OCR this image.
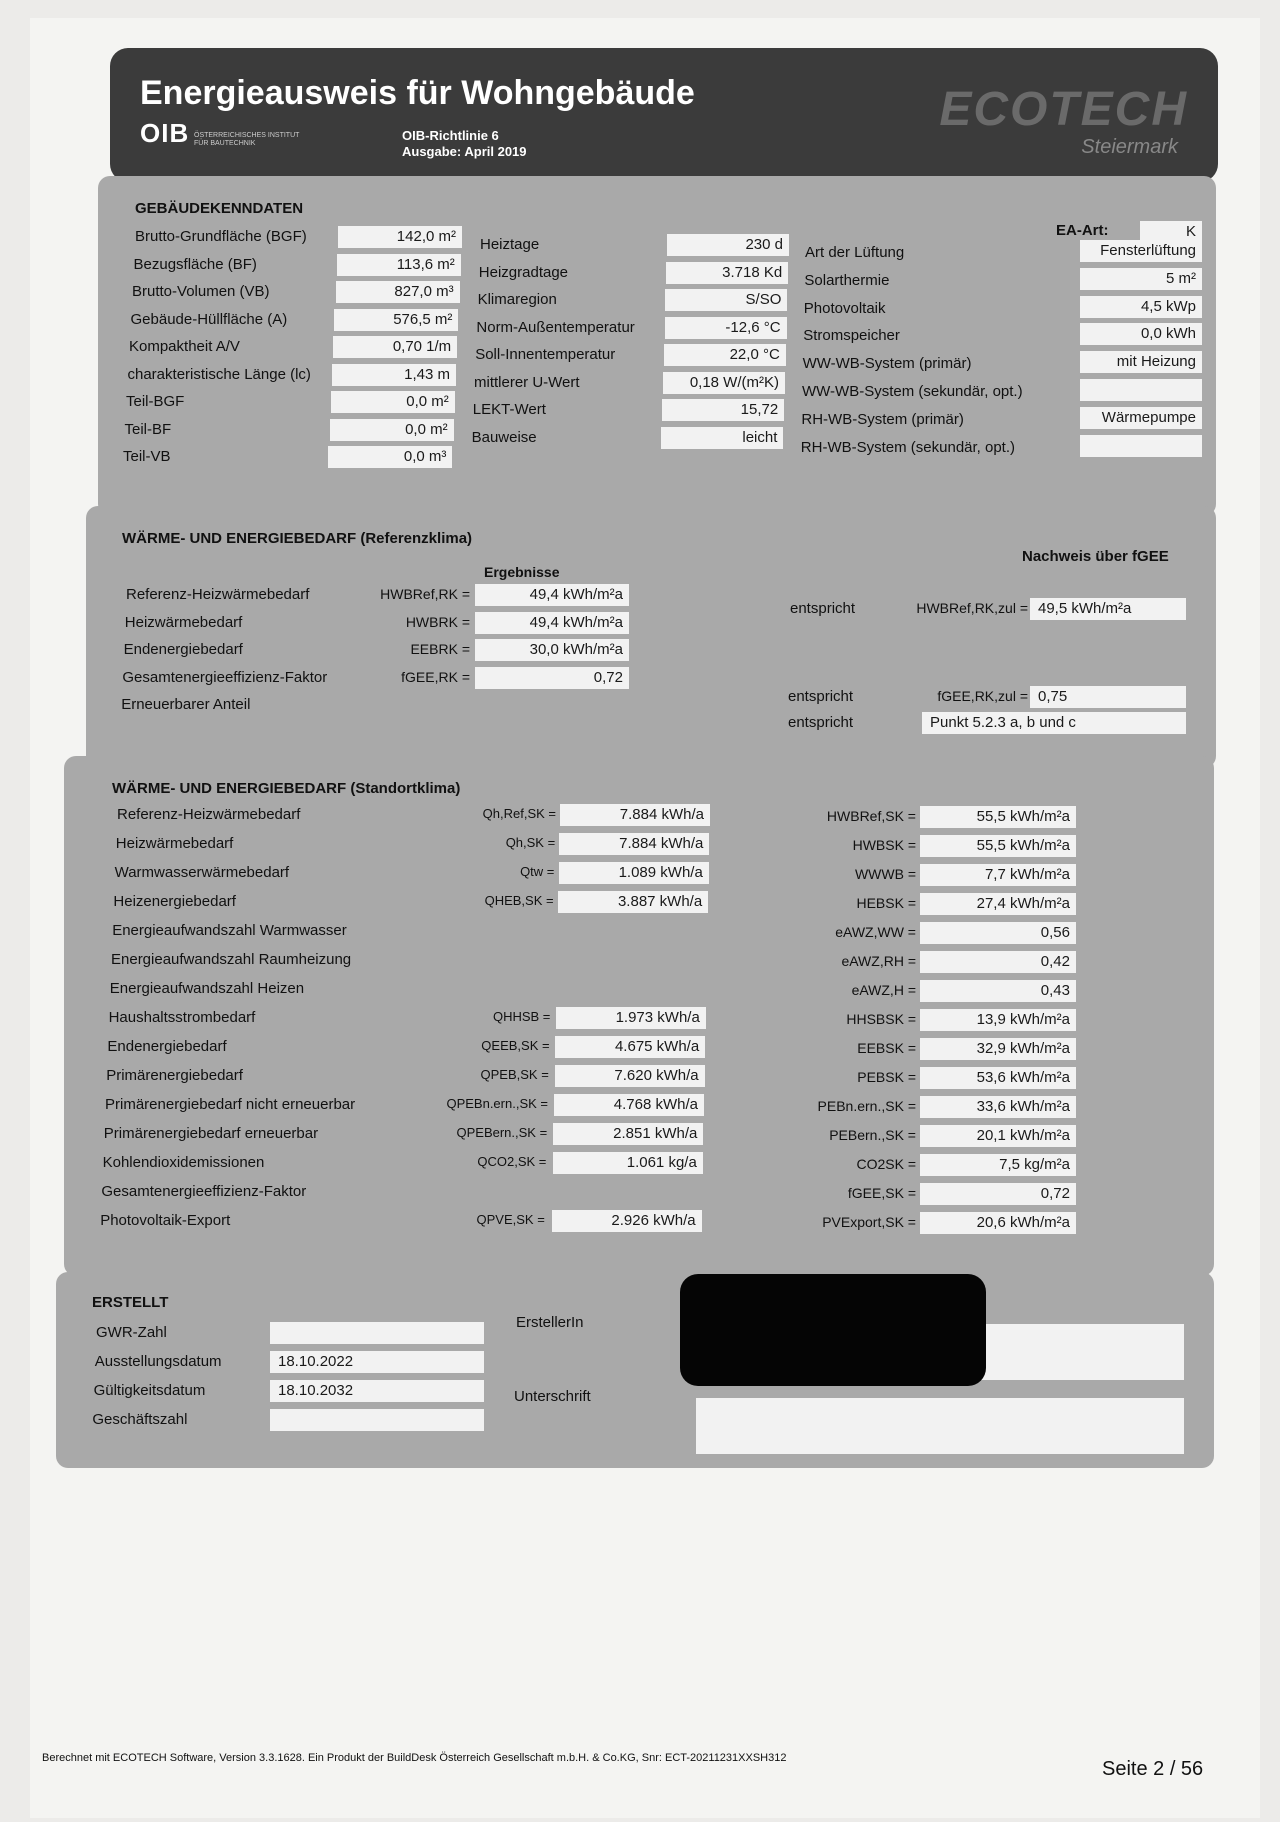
Energieausweis für Wohngebäude
OIB ÖSTERREICHISCHES INSTITUT FÜR BAUTECHNIK
OIB-Richtlinie 6
Ausgabe: April 2019
ECOTECH
Steiermark
GEBÄUDEKENNDATEN
EA-Art:	K
Brutto-Grundfläche (BGF)	142,0 m²
Bezugsfläche (BF)	113,6 m²
Brutto-Volumen (VB)	827,0 m³
Gebäude-Hüllfläche (A)	576,5 m²
Kompaktheit A/V	0,70 1/m
charakteristische Länge (lc)	1,43 m
Teil-BGF	0,0 m²
Teil-BF	0,0 m²
Teil-VB	0,0 m³
Heiztage	230 d
Heizgradtage	3.718 Kd
Klimaregion	S/SO
Norm-Außentemperatur	-12,6 °C
Soll-Innentemperatur	22,0 °C
mittlerer U-Wert	0,18 W/(m²K)
LEKT-Wert	15,72
Bauweise	leicht
Art der Lüftung	Fensterlüftung
Solarthermie	5 m²
Photovoltaik	4,5 kWp
Stromspeicher	0,0 kWh
WW-WB-System (primär)	mit Heizung
WW-WB-System (sekundär, opt.)
RH-WB-System (primär)	Wärmepumpe
RH-WB-System (sekundär, opt.)
WÄRME- UND ENERGIEBEDARF (Referenzklima)
Nachweis über fGEE
Ergebnisse
Referenz-Heizwärmebedarf	HWBRef,RK =	49,4 kWh/m²a
Heizwärmebedarf	HWBRK =	49,4 kWh/m²a
Endenergiebedarf	EEBRK =	30,0 kWh/m²a
Gesamtenergieeffizienz-Faktor	fGEE,RK =	0,72
Erneuerbarer Anteil
entspricht	HWBRef,RK,zul = 49,5 kWh/m²a
entspricht	fGEE,RK,zul = 0,75
entspricht	Punkt 5.2.3 a, b und c
WÄRME- UND ENERGIEBEDARF (Standortklima)
Referenz-Heizwärmebedarf	Qh,Ref,SK =	7.884 kWh/a	HWBRef,SK =	55,5 kWh/m²a
Heizwärmebedarf	Qh,SK =	7.884 kWh/a	HWBSK =	55,5 kWh/m²a
Warmwasserwärmebedarf	Qtw =	1.089 kWh/a	WWWB =	7,7 kWh/m²a
Heizenergiebedarf	QHEB,SK =	3.887 kWh/a	HEBSK =	27,4 kWh/m²a
Energieaufwandszahl Warmwasser	eAWZ,WW =	0,56
Energieaufwandszahl Raumheizung	eAWZ,RH =	0,42
Energieaufwandszahl Heizen	eAWZ,H =	0,43
Haushaltsstrombedarf	QHHSB =	1.973 kWh/a	HHSBSK =	13,9 kWh/m²a
Endenergiebedarf	QEEB,SK =	4.675 kWh/a	EEBSK =	32,9 kWh/m²a
Primärenergiebedarf	QPEB,SK =	7.620 kWh/a	PEBSK =	53,6 kWh/m²a
Primärenergiebedarf nicht erneuerbar	QPEBn.ern.,SK =	4.768 kWh/a	PEBn.ern.,SK =	33,6 kWh/m²a
Primärenergiebedarf erneuerbar	QPEBern.,SK =	2.851 kWh/a	PEBern.,SK =	20,1 kWh/m²a
Kohlendioxidemissionen	QCO2,SK =	1.061 kg/a	CO2SK =	7,5 kg/m²a
Gesamtenergieeffizienz-Faktor	fGEE,SK =	0,72
Photovoltaik-Export	QPVE,SK =	2.926 kWh/a	PVExport,SK =	20,6 kWh/m²a
ERSTELLT
GWR-Zahl
Ausstellungsdatum	18.10.2022
Gültigkeitsdatum	18.10.2032
Geschäftszahl
ErstellerIn
Unterschrift
Berechnet mit ECOTECH Software, Version 3.3.1628. Ein Produkt der BuildDesk Österreich Gesellschaft m.b.H. & Co.KG, Snr: ECT-20211231XXSH312	Seite 2 / 56
